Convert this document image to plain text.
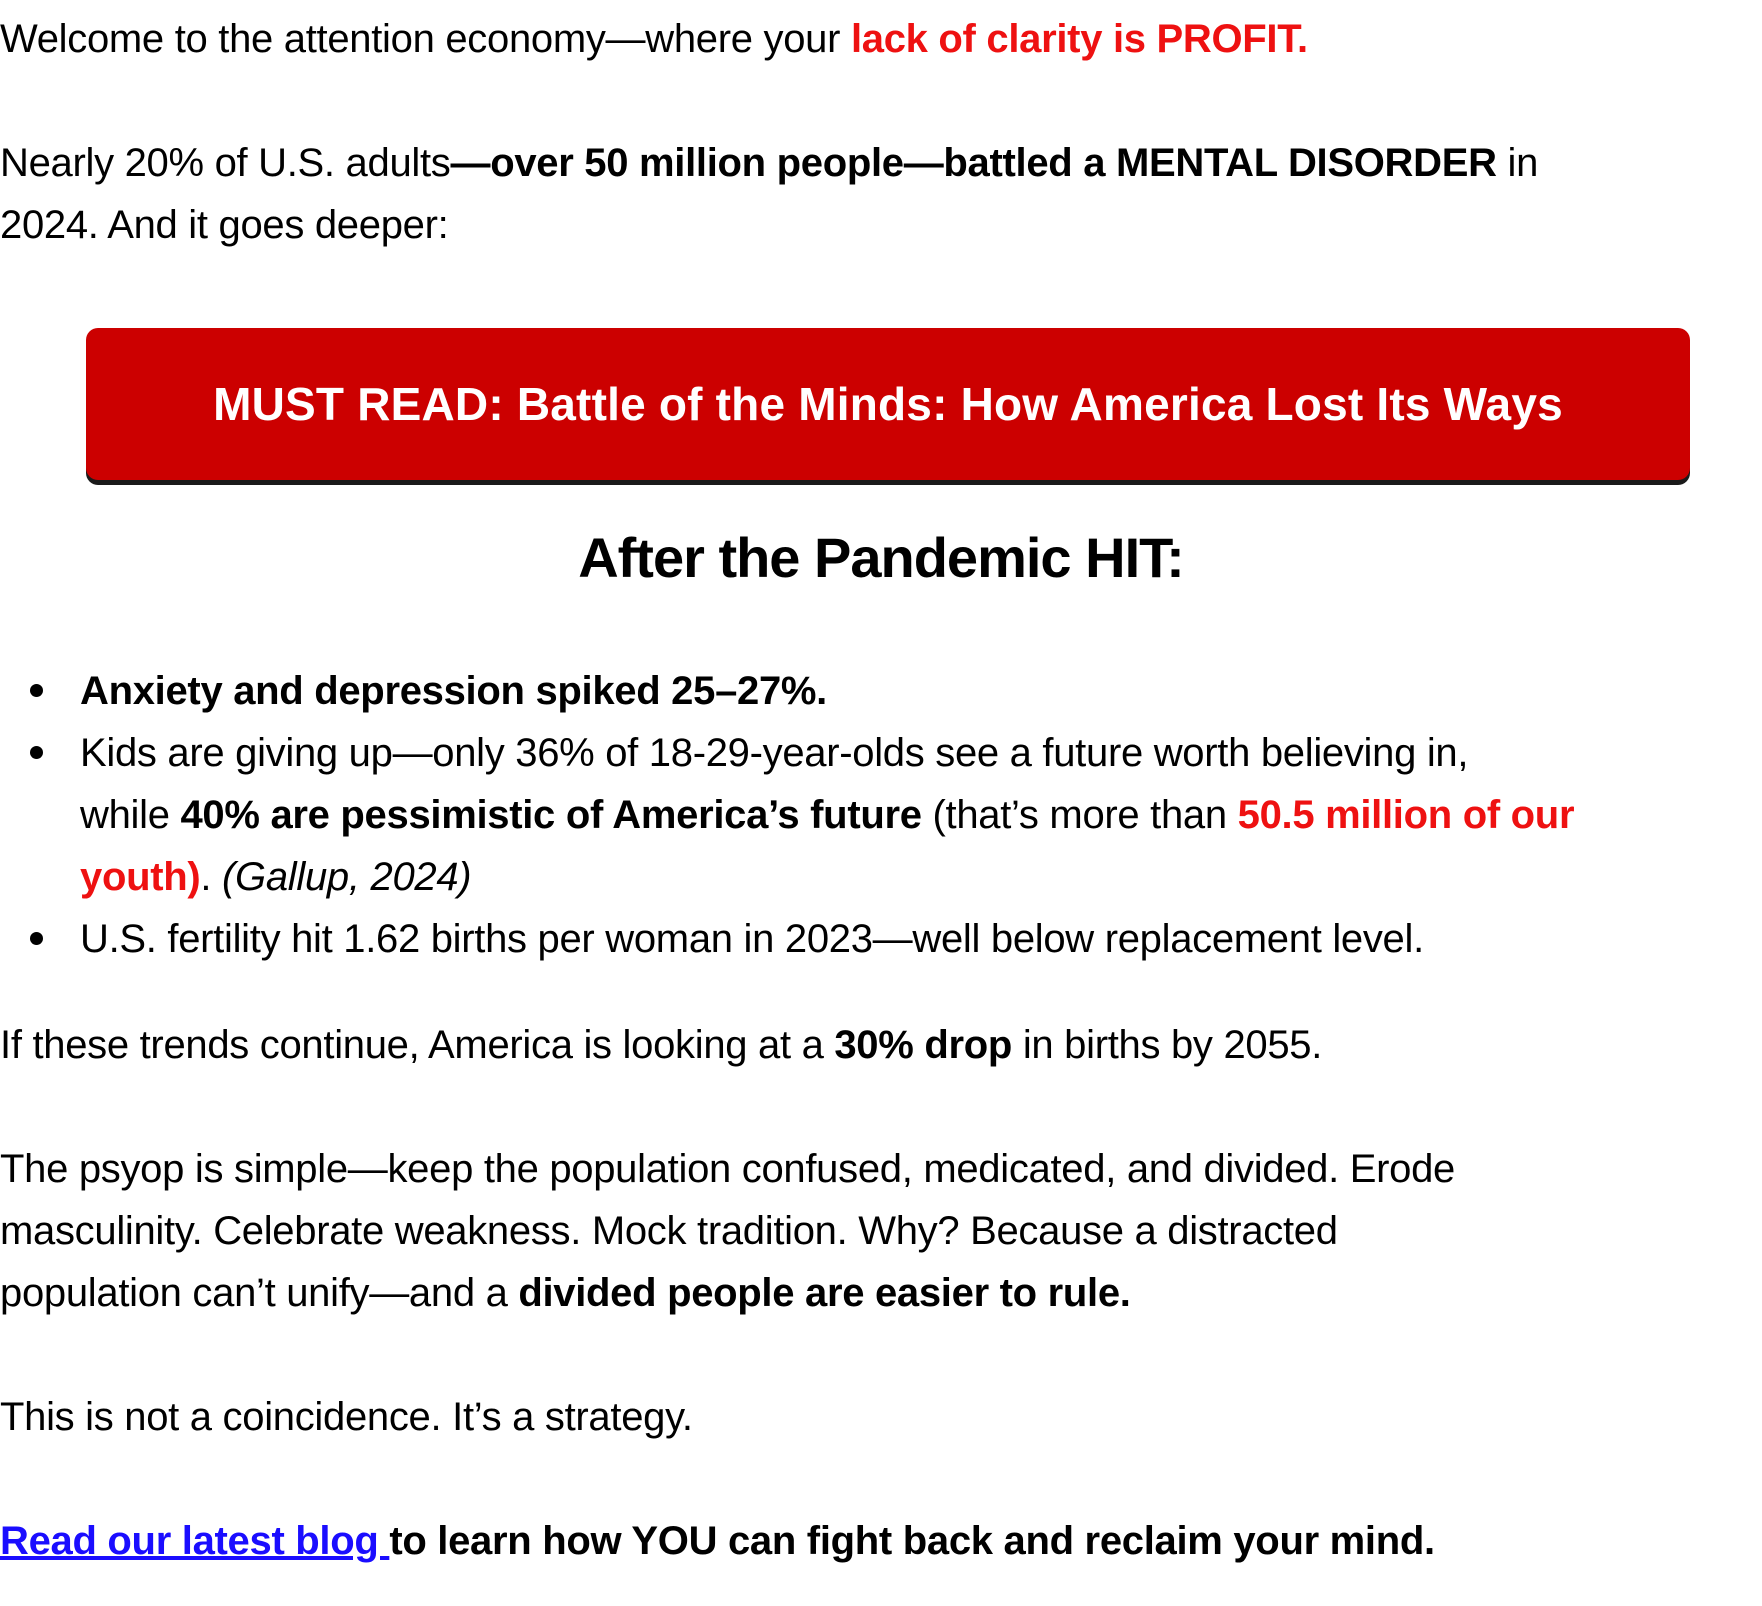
Welcome to the attention economy—where your lack of clarity is PROFIT.

Nearly 20% of U.S. adults—over 50 million people—battled a MENTAL DISORDER in
2024. And it goes deeper:

MUST READ: Battle of the Minds: How America Lost Its Ways
After the Pandemic HIT:
Anxiety and depression spiked 25–27%.
Kids are giving up—only 36% of 18-29-year-olds see a future worth believing in,
while 40% are pessimistic of America’s future (that’s more than 50.5 million of our
youth). (Gallup, 2024)
U.S. fertility hit 1.62 births per woman in 2023—well below replacement level.

If these trends continue, America is looking at a 30% drop in births by 2055.

The psyop is simple—keep the population confused, medicated, and divided. Erode
masculinity. Celebrate weakness. Mock tradition. Why? Because a distracted
population can’t unify—and a divided people are easier to rule.

This is not a coincidence. It’s a strategy.

Read our latest blog to learn how YOU can fight back and reclaim your mind.
